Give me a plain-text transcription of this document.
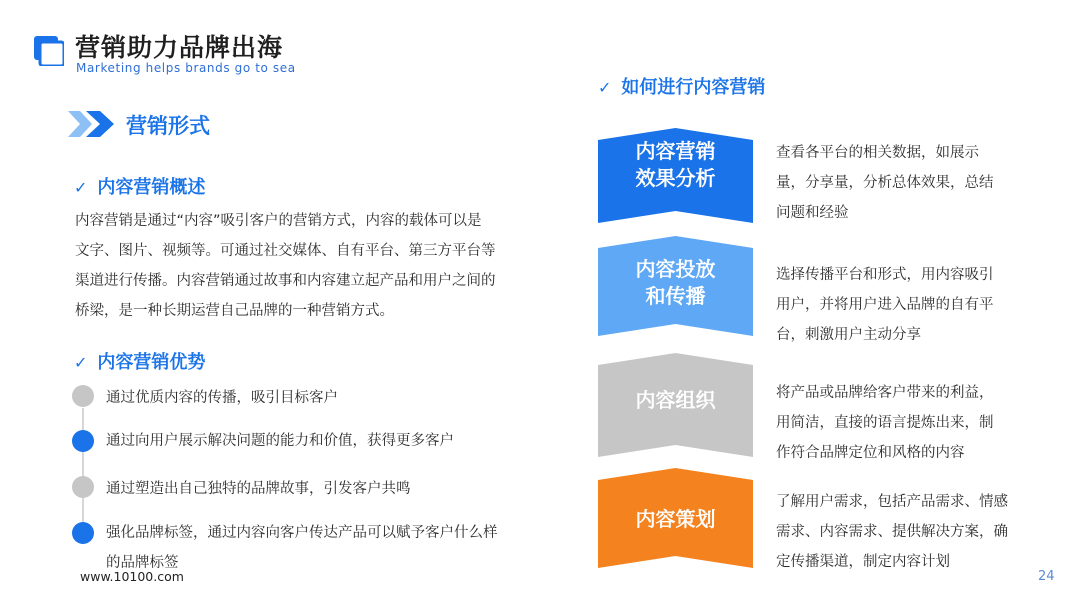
营销助力品牌出海
Marketing helps brands go to sea
营销形式
✓ 内容营销概述
内容营销是通过“内容”吸引客户的营销方式，内容的载体可以是
文字、图片、视频等。可通过社交媒体、自有平台、第三方平台等
渠道进行传播。内容营销通过故事和内容建立起产品和用户之间的
桥梁，是一种长期运营自己品牌的一种营销方式。
✓ 内容营销优势
通过优质内容的传播，吸引目标客户
通过向用户展示解决问题的能力和价值，获得更多客户
通过塑造出自己独特的品牌故事，引发客户共鸣
强化品牌标签，通过内容向客户传达产品可以赋予客户什么样的品牌标签
www.10100.com	24
✓ 如何进行内容营销
内容营销
效果分析
查看各平台的相关数据，如展示
量，分享量，分析总体效果，总结
问题和经验
内容投放
和传播
选择传播平台和形式，用内容吸引
用户，并将用户进入品牌的自有平
台，刺激用户主动分享
内容组织	将产品或品牌给客户带来的利益，
用简洁，直接的语言提炼出来，制
作符合品牌定位和风格的内容
内容策划
了解用户需求，包括产品需求、情感
需求、内容需求、提供解决方案，确
定传播渠道，制定内容计划
